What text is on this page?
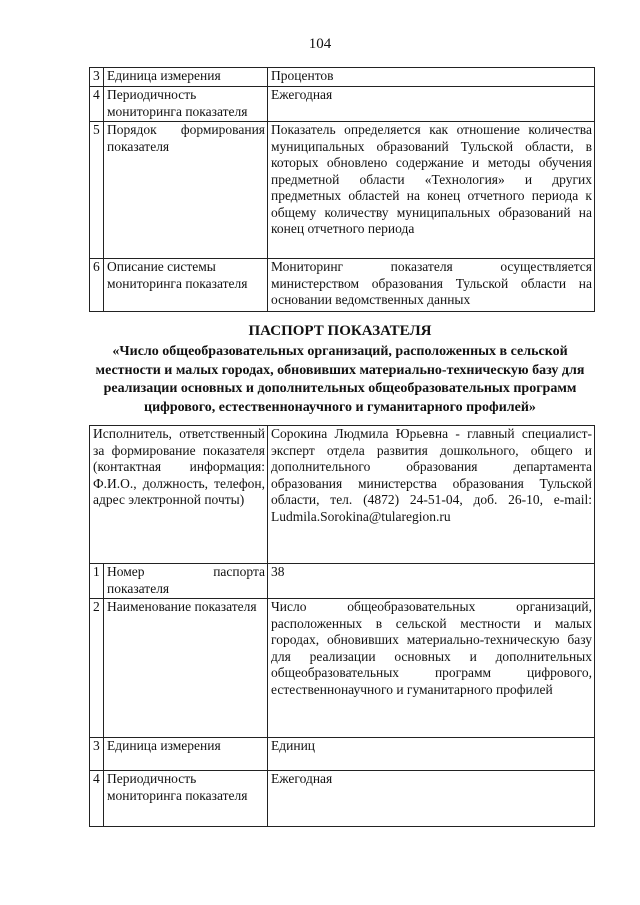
104
3	Единица измерения	Процентов
4	Периодичность мониторинга показателя	Ежегодная
5	Порядок формирования показателя	Показатель определяется как отношение количества муниципальных образований Тульской области, в которых обновлено содержание и методы обучения предметной области «Технология» и других предметных областей на конец отчетного периода к общему количеству муниципальных образований на конец отчетного периода
6	Описание системы мониторинга показателя	Мониторинг показателя осуществляется министерством образования Тульской области на основании ведомственных данных
ПАСПОРТ ПОКАЗАТЕЛЯ
«Число общеобразовательных организаций, расположенных в сельской местности и малых городах, обновивших материально-техническую базу для реализации основных и дополнительных общеобразовательных программ цифрового, естественнонаучного и гуманитарного профилей»
Исполнитель, ответственный за формирование показателя (контактная информация: Ф.И.О., должность, телефон, адрес электронной почты)		Сорокина Людмила Юрьевна - главный специалист-эксперт отдела развития дошкольного, общего и дополнительного образования департамента образования министерства образования Тульской области, тел. (4872) 24-51-04, доб. 26-10, e-mail: Ludmila.Sorokina@tularegion.ru
1	Номер паспорта показателя	38
2	Наименование показателя	Число общеобразовательных организаций, расположенных в сельской местности и малых городах, обновивших материально-техническую базу для реализации основных и дополнительных общеобразовательных программ цифрового, естественнонаучного и гуманитарного профилей
3	Единица измерения	Единиц
4	Периодичность мониторинга показателя	Ежегодная
